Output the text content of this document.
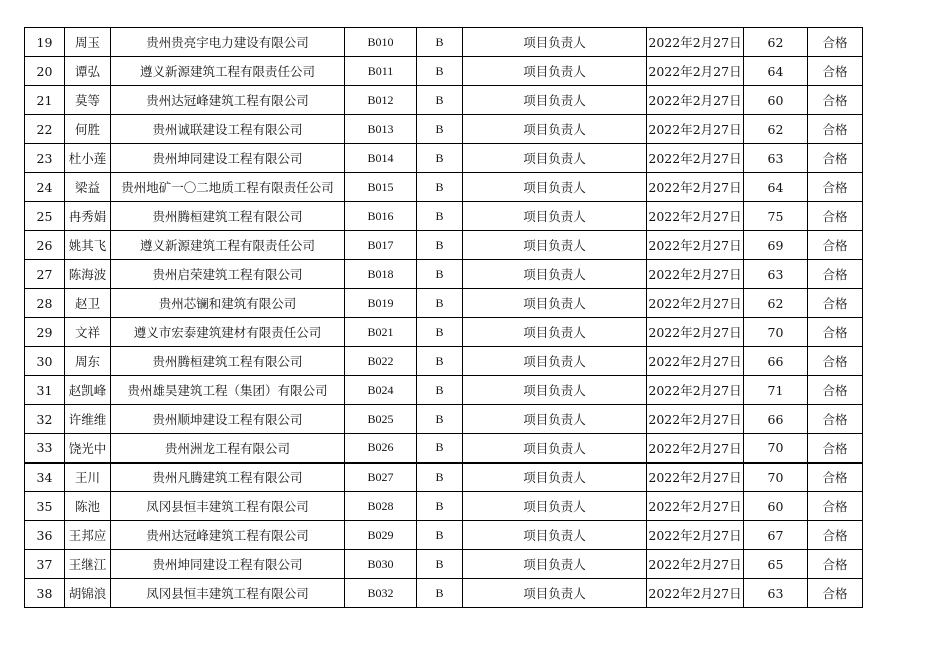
19	周玉	贵州贵亮宇电力建设有限公司	B010	B	项目负责人	2022年2月27日	62	合格
20	谭弘	遵义新源建筑工程有限责任公司	B011	B	项目负责人	2022年2月27日	64	合格
21	莫等	贵州达冠峰建筑工程有限公司	B012	B	项目负责人	2022年2月27日	60	合格
22	何胜	贵州诚联建设工程有限公司	B013	B	项目负责人	2022年2月27日	62	合格
23	杜小莲	贵州坤同建设工程有限公司	B014	B	项目负责人	2022年2月27日	63	合格
24	梁益	贵州地矿一〇二地质工程有限责任公司	B015	B	项目负责人	2022年2月27日	64	合格
25	冉秀娟	贵州腾桓建筑工程有限公司	B016	B	项目负责人	2022年2月27日	75	合格
26	姚其飞	遵义新源建筑工程有限责任公司	B017	B	项目负责人	2022年2月27日	69	合格
27	陈海波	贵州启荣建筑工程有限公司	B018	B	项目负责人	2022年2月27日	63	合格
28	赵卫	贵州芯镧和建筑有限公司	B019	B	项目负责人	2022年2月27日	62	合格
29	文祥	遵义市宏泰建筑建材有限责任公司	B021	B	项目负责人	2022年2月27日	70	合格
30	周东	贵州腾桓建筑工程有限公司	B022	B	项目负责人	2022年2月27日	66	合格
31	赵凯峰	贵州雄昊建筑工程（集团）有限公司	B024	B	项目负责人	2022年2月27日	71	合格
32	许维维	贵州顺坤建设工程有限公司	B025	B	项目负责人	2022年2月27日	66	合格
33	饶光中	贵州洲龙工程有限公司	B026	B	项目负责人	2022年2月27日	70	合格
34	王川	贵州凡腾建筑工程有限公司	B027	B	项目负责人	2022年2月27日	70	合格
35	陈池	凤冈县恒丰建筑工程有限公司	B028	B	项目负责人	2022年2月27日	60	合格
36	王邦应	贵州达冠峰建筑工程有限公司	B029	B	项目负责人	2022年2月27日	67	合格
37	王继江	贵州坤同建设工程有限公司	B030	B	项目负责人	2022年2月27日	65	合格
38	胡锦浪	凤冈县恒丰建筑工程有限公司	B032	B	项目负责人	2022年2月27日	63	合格
